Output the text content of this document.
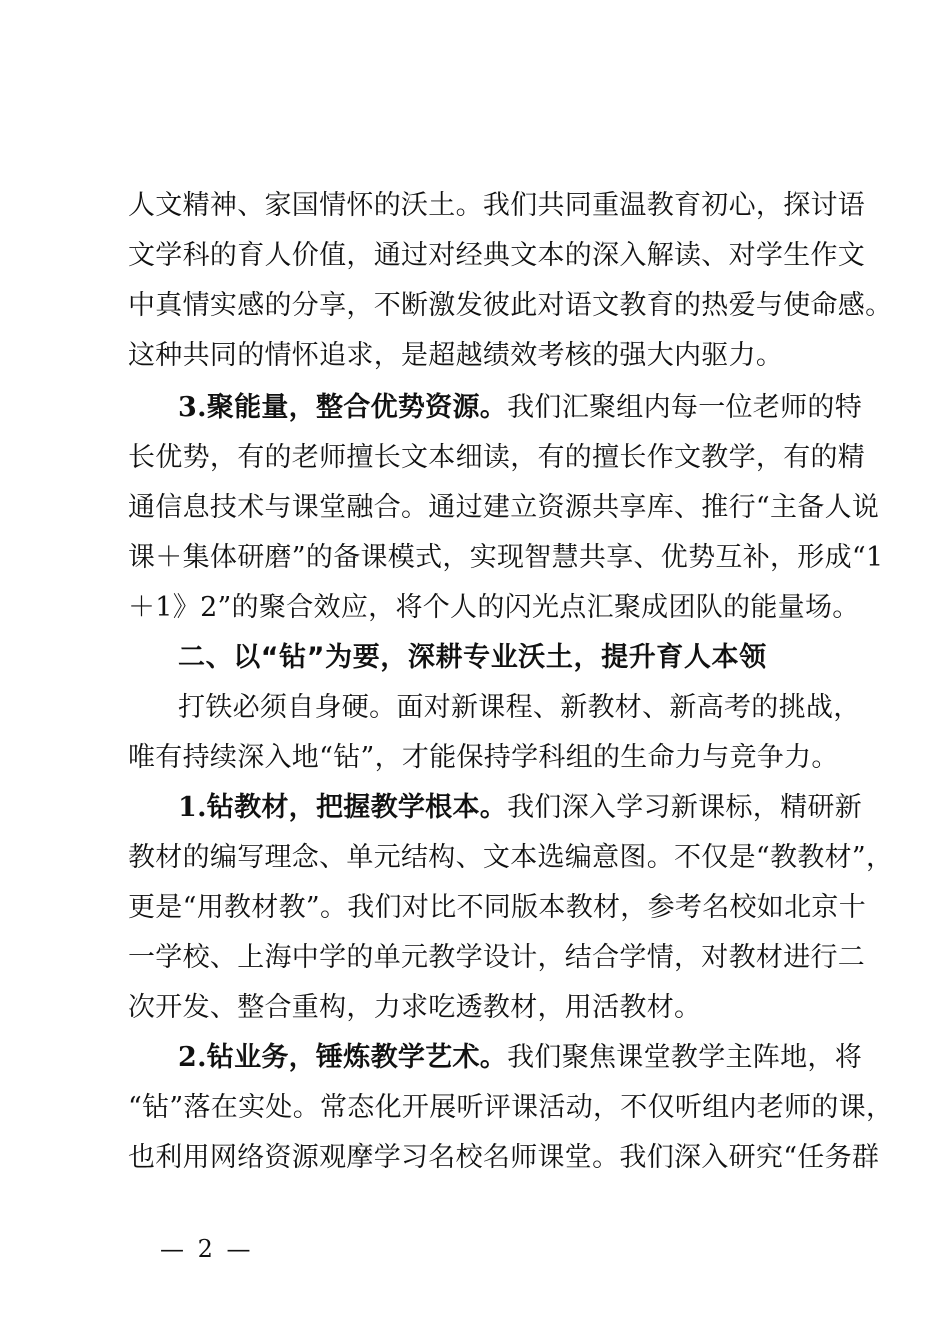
人文精神、家国情怀的沃土。我们共同重温教育初心，探讨语
文学科的育人价值，通过对经典文本的深入解读、对学生作文
中真情实感的分享，不断激发彼此对语文教育的热爱与使命感。
这种共同的情怀追求，是超越绩效考核的强大内驱力。
3.聚能量，整合优势资源。我们汇聚组内每一位老师的特
长优势，有的老师擅长文本细读，有的擅长作文教学，有的精
通信息技术与课堂融合。通过建立资源共享库、推行“主备人说
课＋集体研磨”的备课模式，实现智慧共享、优势互补，形成“1
＋1》2”的聚合效应，将个人的闪光点汇聚成团队的能量场。
二、以“钻”为要，深耕专业沃土，提升育人本领
打铁必须自身硬。面对新课程、新教材、新高考的挑战，
唯有持续深入地“钻”，才能保持学科组的生命力与竞争力。
1.钻教材，把握教学根本。我们深入学习新课标，精研新
教材的编写理念、单元结构、文本选编意图。不仅是“教教材”，
更是“用教材教”。我们对比不同版本教材，参考名校如北京十
一学校、上海中学的单元教学设计，结合学情，对教材进行二
次开发、整合重构，力求吃透教材，用活教材。
2.钻业务，锤炼教学艺术。我们聚焦课堂教学主阵地，将
“钻”落在实处。常态化开展听评课活动，不仅听组内老师的课，
也利用网络资源观摩学习名校名师课堂。我们深入研究“任务群
— 2 —
